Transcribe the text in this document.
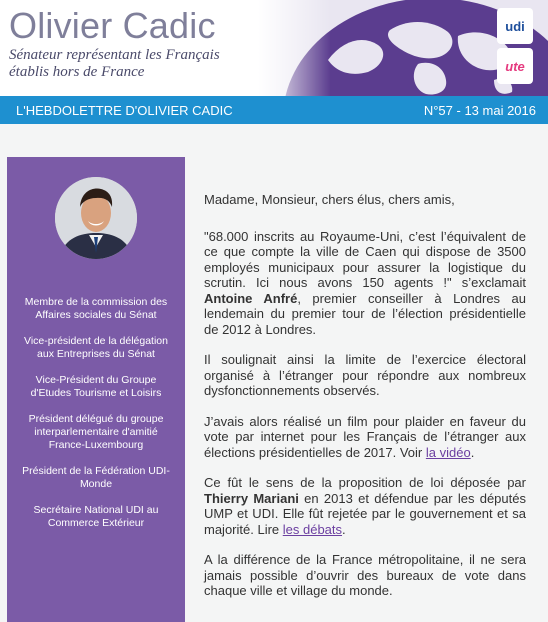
Olivier Cadic
Sénateur représentant les Français
établis hors de France
udi
ute
L'HEBDOLETTRE D'OLIVIER CADIC	N°57 - 13 mai 2016
Membre de la commission des Affaires sociales du Sénat
Vice-président de la délégation aux Entreprises du Sénat
Vice-Président du Groupe d'Etudes Tourisme et Loisirs
Président délégué du groupe interparlementaire d'amitié France-Luxembourg
Président de la Fédération UDI-Monde
Secrétaire National UDI au Commerce Extérieur

Madame, Monsieur, chers élus, chers amis,

"68.000 inscrits au Royaume-Uni, c’est l’équivalent de ce que compte la ville de Caen qui dispose de 3500 employés municipaux pour assurer la logistique du scrutin. Ici nous avons 150 agents !" s’exclamait Antoine Anfré, premier conseiller à Londres au lendemain du premier tour de l’élection présidentielle de 2012 à Londres.

Il soulignait ainsi la limite de l’exercice électoral organisé à l’étranger pour répondre aux nombreux dysfonctionnements observés.

J’avais alors réalisé un film pour plaider en faveur du vote par internet pour les Français de l’étranger aux élections présidentielles de 2017. Voir la vidéo.

Ce fût le sens de la proposition de loi déposée par Thierry Mariani en 2013 et défendue par les députés UMP et UDI. Elle fût rejetée par le gouvernement et sa majorité. Lire les débats.

A la différence de la France métropolitaine, il ne sera jamais possible d’ouvrir des bureaux de vote dans chaque ville et village du monde.
